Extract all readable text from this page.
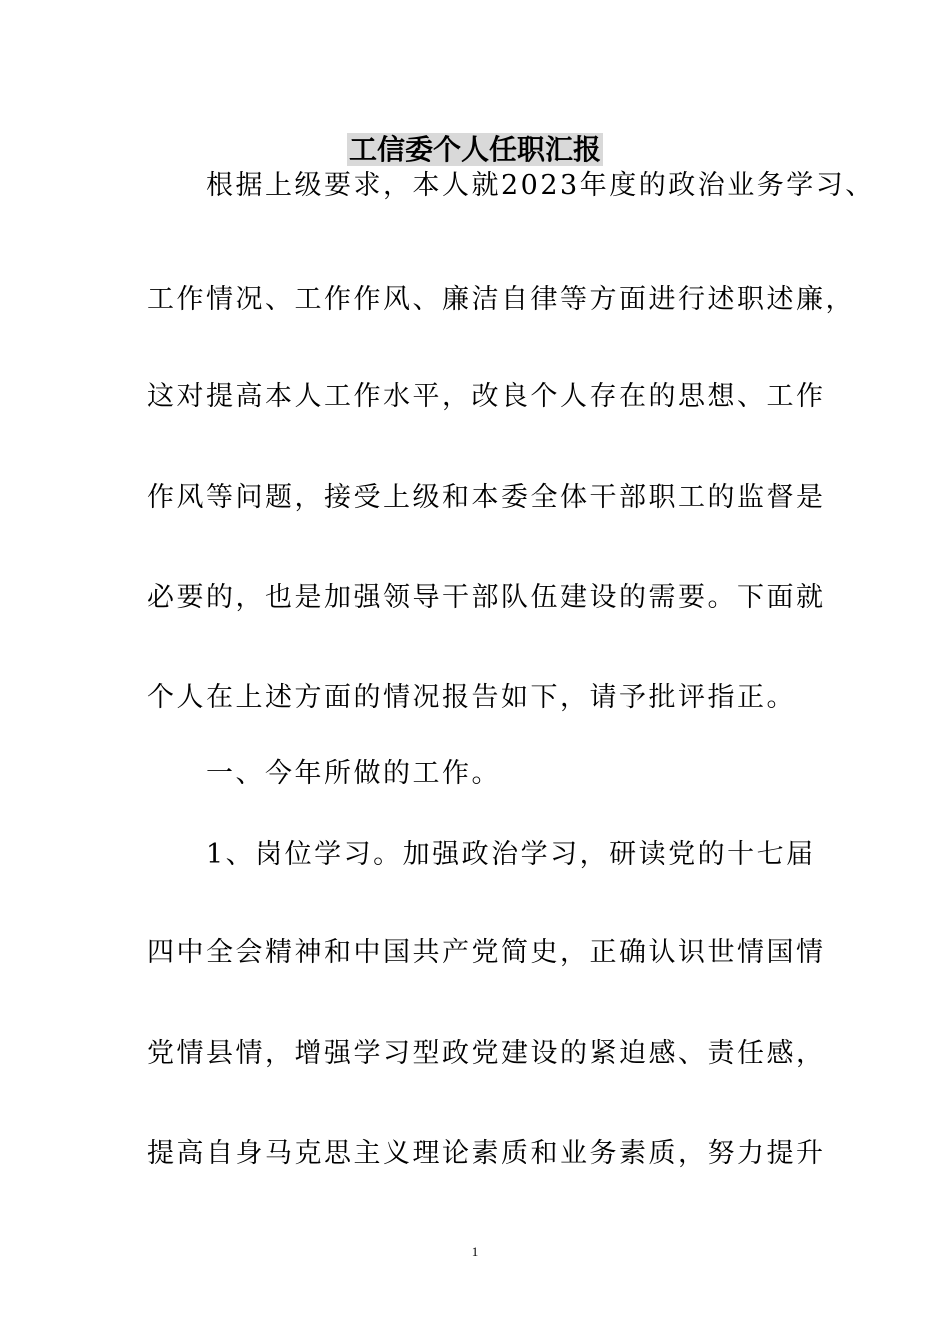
工信委个人任职汇报
　　根据上级要求，本人就2023年度的政治业务学习、
工作情况、工作作风、廉洁自律等方面进行述职述廉，
这对提高本人工作水平，改良个人存在的思想、工作
作风等问题，接受上级和本委全体干部职工的监督是
必要的，也是加强领导干部队伍建设的需要。下面就
个人在上述方面的情况报告如下，请予批评指正。
　　一、今年所做的工作。
　　1、岗位学习。加强政治学习，研读党的十七届
四中全会精神和中国共产党简史，正确认识世情国情
党情县情，增强学习型政党建设的紧迫感、责任感，
提高自身马克思主义理论素质和业务素质，努力提升
1
